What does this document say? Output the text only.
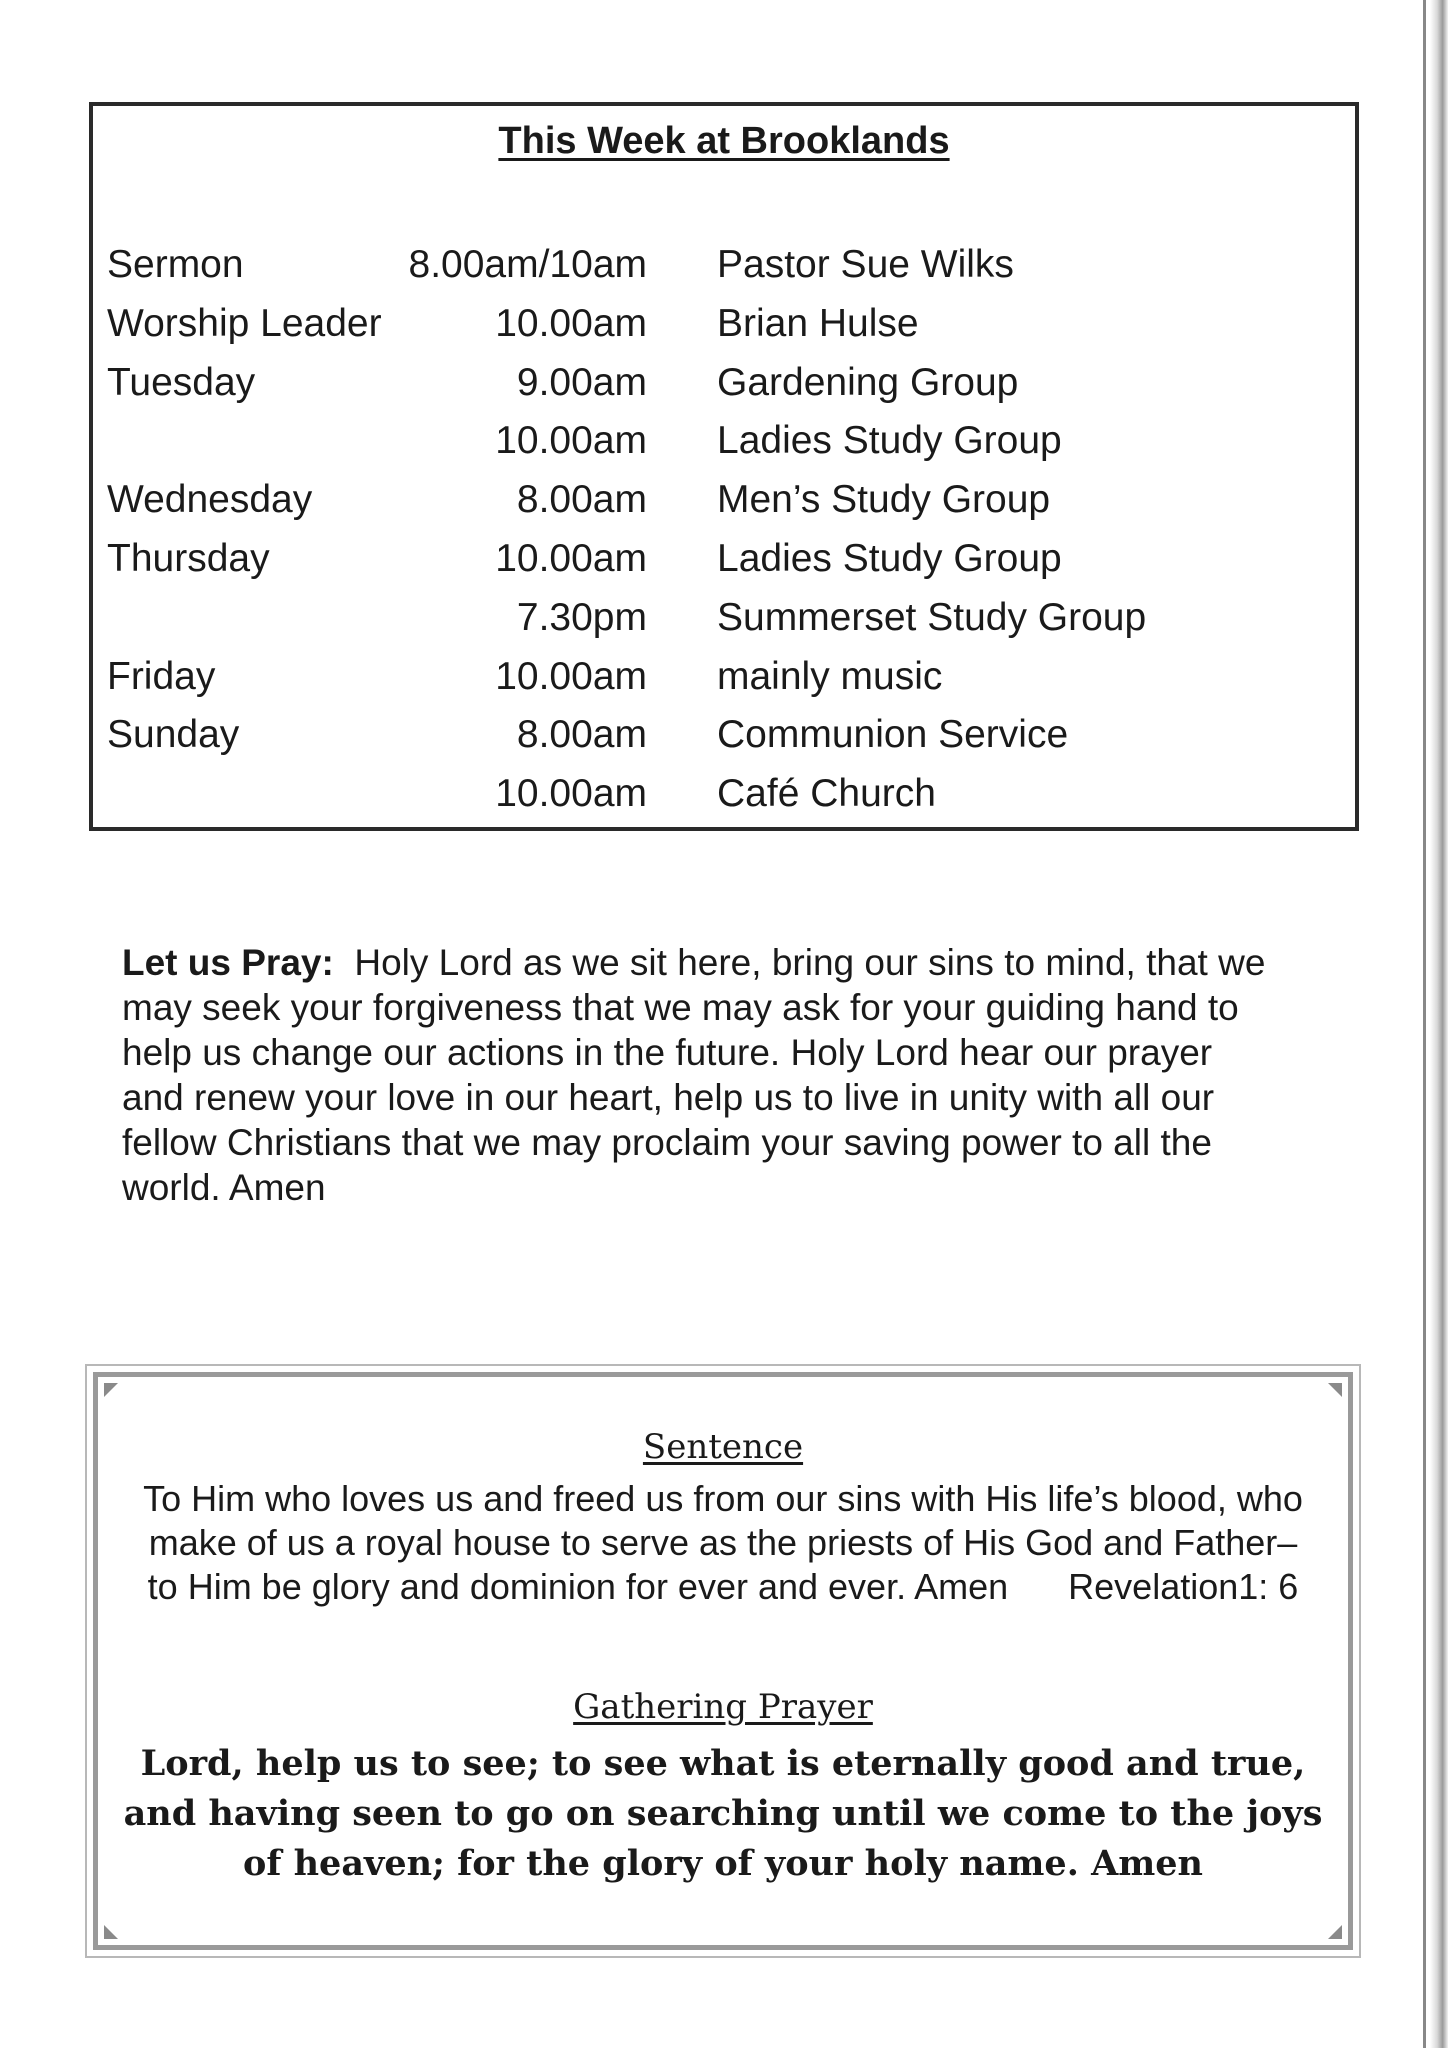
This Week at Brooklands
Sermon	8.00am/10am Pastor Sue Wilks
Worship Leader	10.00am Brian Hulse
Tuesday	9.00am Gardening Group
10.00am Ladies Study Group
Wednesday	8.00am Men’s Study Group
Thursday	10.00am Ladies Study Group
7.30pm Summerset Study Group
Friday	10.00am mainly music
Sunday	8.00am Communion Service
10.00am Café Church
Let us Pray: Holy Lord as we sit here, bring our sins to mind, that we may seek your forgiveness that we may ask for your guiding hand to help us change our actions in the future. Holy Lord hear our prayer and renew your love in our heart, help us to live in unity with all our fellow Christians that we may proclaim your saving power to all the world. Amen
Sentence
To Him who loves us and freed us from our sins with His life’s blood, who make of us a royal house to serve as the priests of His God and Father– to Him be glory and dominion for ever and ever. Amen Revelation1: 6
Gathering Prayer
Lord, help us to see; to see what is eternally good and true, and having seen to go on searching until we come to the joys of heaven; for the glory of your holy name. Amen
